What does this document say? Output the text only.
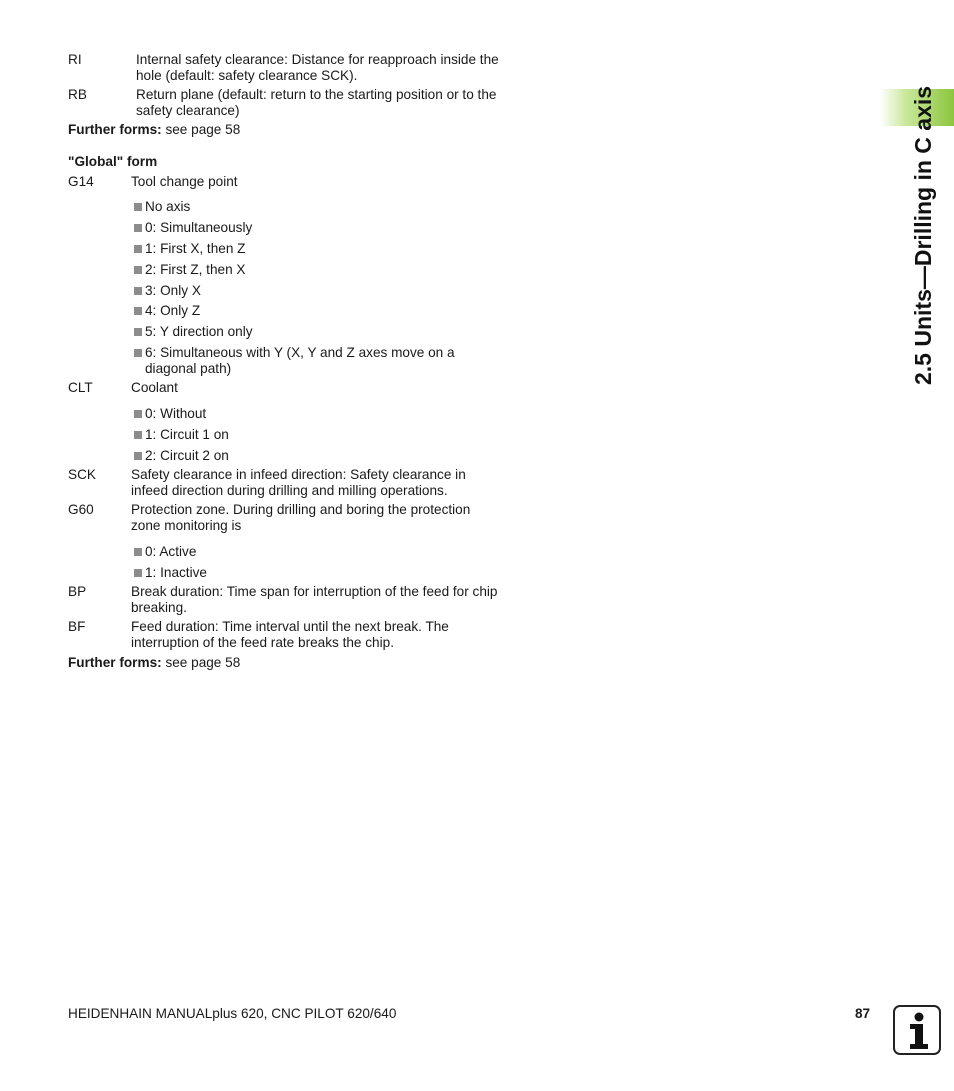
2.5 Units—Drilling in C axis
RI	Internal safety clearance: Distance for reapproach inside the hole (default: safety clearance SCK).
RB	Return plane (default: return to the starting position or to the safety clearance)
Further forms: see page 58
"Global" form
G14	Tool change point
No axis
0: Simultaneously
1: First X, then Z
2: First Z, then X
3: Only X
4: Only Z
5: Y direction only
6: Simultaneous with Y (X, Y and Z axes move on a diagonal path)
CLT	Coolant
0: Without
1: Circuit 1 on
2: Circuit 2 on
SCK	Safety clearance in infeed direction: Safety clearance in infeed direction during drilling and milling operations.
G60	Protection zone. During drilling and boring the protection zone monitoring is
0: Active
1: Inactive
BP	Break duration: Time span for interruption of the feed for chip breaking.
BF	Feed duration: Time interval until the next break. The interruption of the feed rate breaks the chip.
Further forms: see page 58
HEIDENHAIN MANUALplus 620, CNC PILOT 620/640	87
